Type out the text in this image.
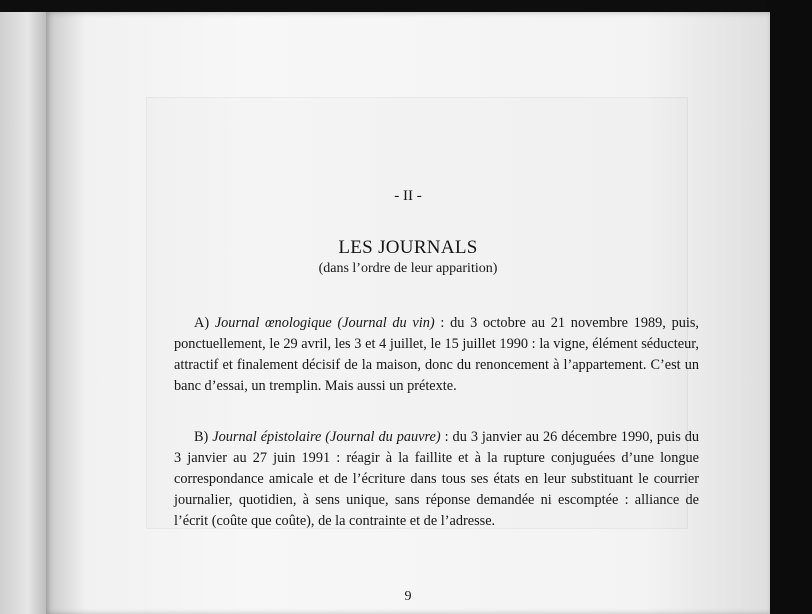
- II -
LES JOURNALS
(dans l’ordre de leur apparition)

A) Journal œnologique (Journal du vin) : du 3 octobre au 21 novembre 1989, puis, ponctuellement, le 29 avril, les 3 et 4 juillet, le 15 juillet 1990 : la vigne, élément séducteur, attractif et finalement décisif de la maison, donc du renoncement à l’appartement. C’est un banc d’essai, un tremplin. Mais aussi un prétexte.

B) Journal épistolaire (Journal du pauvre) : du 3 janvier au 26 décembre 1990, puis du 3 janvier au 27 juin 1991 : réagir à la faillite et à la rupture conjuguées d’une longue correspondance amicale et de l’écriture dans tous ses états en leur substituant le courrier journalier, quotidien, à sens unique, sans réponse demandée ni escomptée : alliance de l’écrit (coûte que coûte), de la contrainte et de l’adresse.

9
